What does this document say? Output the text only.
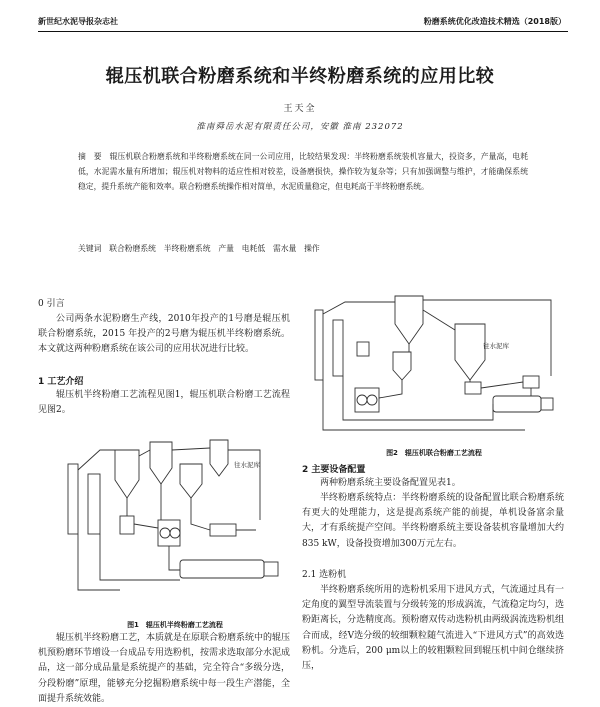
新世纪水泥导报杂志社	粉磨系统优化改造技术精选（2018版）
辊压机联合粉磨系统和半终粉磨系统的应用比较
王天全
淮南舜岳水泥有限责任公司，安徽 淮南 232072
摘　要　辊压机联合粉磨系统和半终粉磨系统在同一公司应用，比较结果发现：半终粉磨系统装机容量大，投资多，产量高，电耗低，水泥需水量有所增加；辊压机对物料的适应性相对较差，设备磨损快，操作较为复杂等；只有加强调整与维护，才能确保系统稳定，提升系统产能和效率。联合粉磨系统操作相对简单，水泥质量稳定，但电耗高于半终粉磨系统。
关键词　联合粉磨系统　半终粉磨系统　产量　电耗低　需水量　操作
0 引言
公司两条水泥粉磨生产线，2010年投产的1号磨是辊压机联合粉磨系统，2015 年投产的2号磨为辊压机半终粉磨系统。本文就这两种粉磨系统在该公司的应用状况进行比较。
1 工艺介绍
辊压机半终粉磨工艺流程见图1，辊压机联合粉磨工艺流程见图2。
往水泥库
图1　辊压机半终粉磨工艺流程
辊压机半终粉磨工艺，本质就是在原联合粉磨系统中的辊压机预粉磨环节增设一台成品专用选粉机，按需求选取部分水泥成品，这一部分成品量是系统提产的基础，完全符合“多级分选，分段粉磨”原理，能够充分挖掘粉磨系统中每一段生产潜能，全面提升系统效能。
往水泥库
图2　辊压机联合粉磨工艺流程
2 主要设备配置
两种粉磨系统主要设备配置见表1。
半终粉磨系统特点：半终粉磨系统的设备配置比联合粉磨系统有更大的处理能力，这是提高系统产能的前提，单机设备富余量大，才有系统提产空间。半终粉磨系统主要设备装机容量增加大约835 kW，设备投资增加300万元左右。
2.1 选粉机
半终粉磨系统所用的选粉机采用下进风方式，气流通过具有一定角度的翼型导流装置与分级转笼的形成涡流，气流稳定均匀，选粉距离长，分选精度高。预粉磨双传动选粉机由两级涡流选粉机组合而成，经V选分级的较细颗粒随气流进入“下进风方式”的高效选粉机。分选后，200 μm以上的较粗颗粒回到辊压机中间仓继续挤压，
